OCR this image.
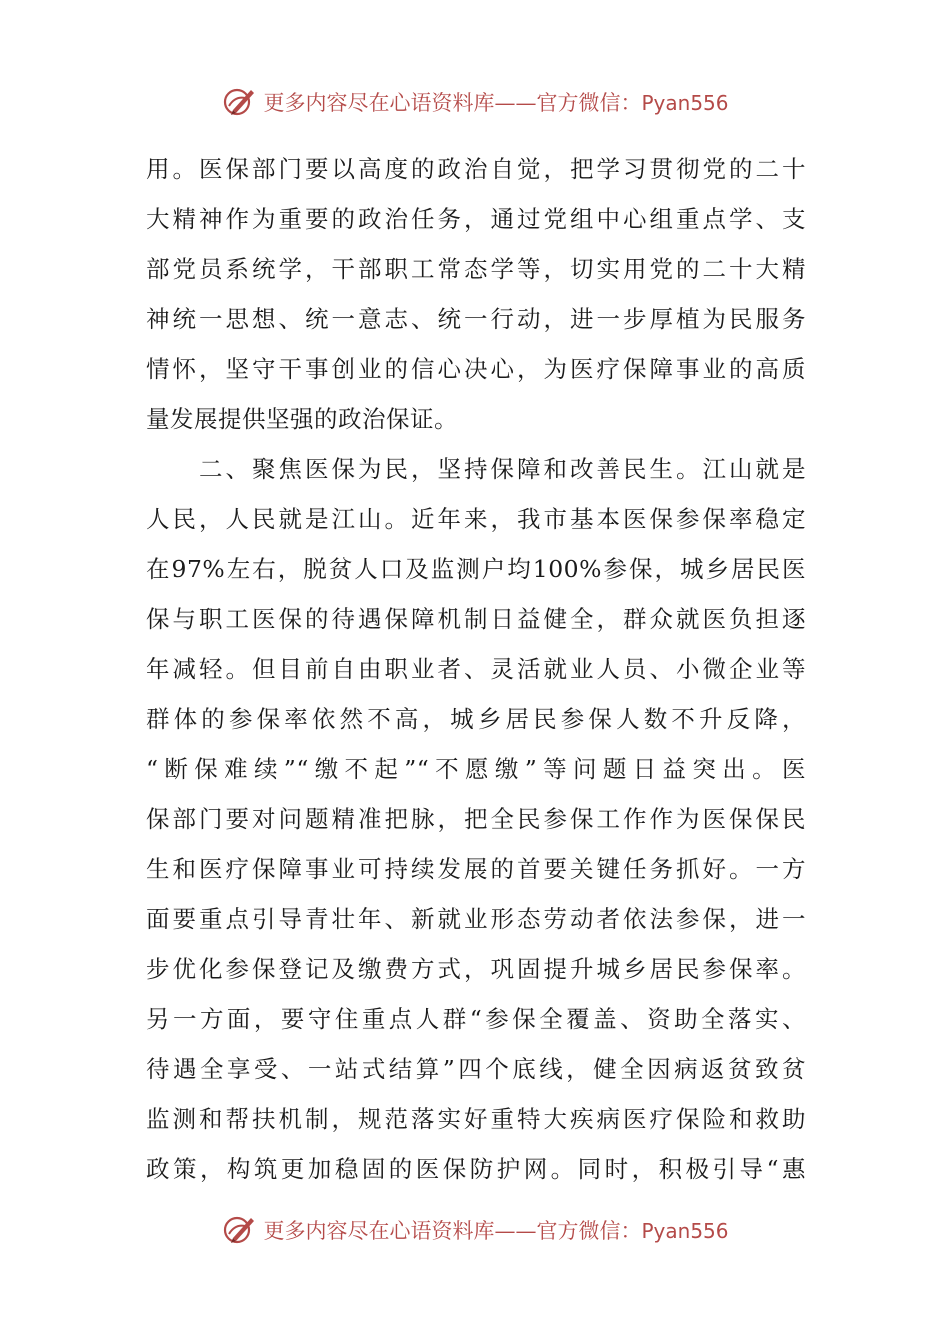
更多内容尽在心语资料库——官方微信：Pyan556
用。医保部门要以高度的政治自觉，把学习贯彻党的二十
大精神作为重要的政治任务，通过党组中心组重点学、支
部党员系统学，干部职工常态学等，切实用党的二十大精
神统一思想、统一意志、统一行动，进一步厚植为民服务
情怀，坚守干事创业的信心决心，为医疗保障事业的高质
量发展提供坚强的政治保证。
　　二、聚焦医保为民，坚持保障和改善民生。江山就是
人民，人民就是江山。近年来，我市基本医保参保率稳定
在97%左右，脱贫人口及监测户均100%参保，城乡居民医
保与职工医保的待遇保障机制日益健全，群众就医负担逐
年减轻。但目前自由职业者、灵活就业人员、小微企业等
群体的参保率依然不高，城乡居民参保人数不升反降，
“断保难续”“缴不起”“不愿缴”等问题日益突出。医
保部门要对问题精准把脉，把全民参保工作作为医保保民
生和医疗保障事业可持续发展的首要关键任务抓好。一方
面要重点引导青壮年、新就业形态劳动者依法参保，进一
步优化参保登记及缴费方式，巩固提升城乡居民参保率。
另一方面，要守住重点人群“参保全覆盖、资助全落实、
待遇全享受、一站式结算”四个底线，健全因病返贫致贫
监测和帮扶机制，规范落实好重特大疾病医疗保险和救助
政策，构筑更加稳固的医保防护网。同时，积极引导“惠
更多内容尽在心语资料库——官方微信：Pyan556
